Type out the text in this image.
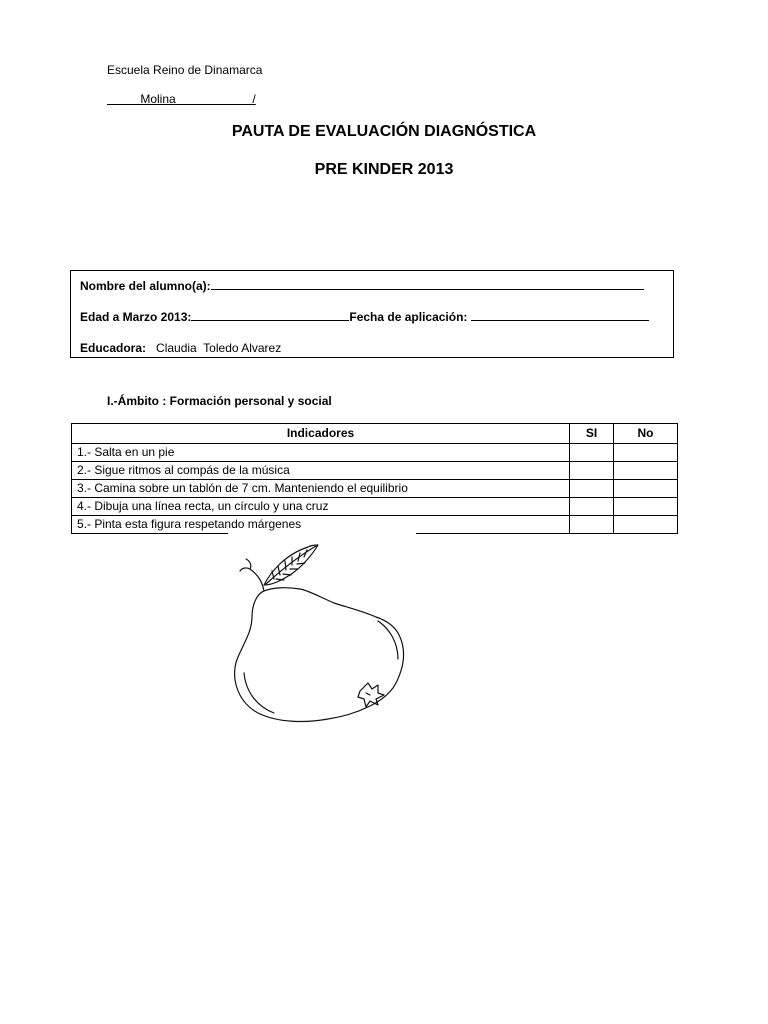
Escuela Reino de Dinamarca
Molina	/
PAUTA DE EVALUACIÓN DIAGNÓSTICA
PRE KINDER 2013
Nombre del alumno(a):
Edad a Marzo 2013:	Fecha de aplicación:
Educadora: Claudia  Toledo Alvarez
I.-Ámbito : Formación personal y social
Indicadores	SI	No
1.- Salta en un pie		
2.- Sigue ritmos al compás de la música		
3.- Camina sobre un tablón de 7 cm. Manteniendo el equilibrio		
4.- Dibuja una línea recta, un círculo y una cruz		
5.- Pinta esta figura respetando márgenes
